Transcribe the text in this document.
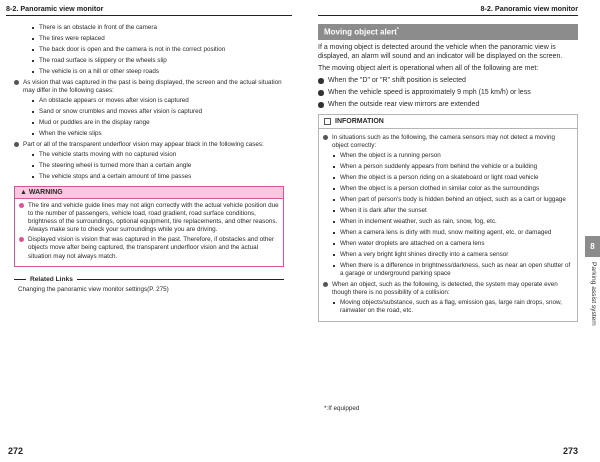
8-2. Panoramic view monitor
There is an obstacle in front of the camera
The tires were replaced
The back door is open and the camera is not in the correct position
The road surface is slippery or the wheels slip
The vehicle is on a hill or other steep roads
As vision that was captured in the past is being displayed, the screen and the actual situation may differ in the following cases:
An obstacle appears or moves after vision is captured
Sand or snow crumbles and moves after vision is captured
Mud or puddles are in the display range
When the vehicle slips
Part or all of the transparent underfloor vision may appear black in the following cases:
The vehicle starts moving with no captured vision
The steering wheel is turned more than a certain angle
The vehicle stops and a certain amount of time passes
▲ WARNING
The tire and vehicle guide lines may not align correctly with the actual vehicle position due to the number of passengers, vehicle load, road gradient, road surface conditions, brightness of the surroundings, optional equipment, tire replacements, and other reasons. Always make sure to check your surroundings while you are driving.
Displayed vision is vision that was captured in the past. Therefore, if obstacles and other objects move after being captured, the transparent underfloor vision and the actual situation may not always match.
Related Links
Changing the panoramic view monitor settings(P. 275)
272
8-2. Panoramic view monitor
Moving object alert*
If a moving object is detected around the vehicle when the panoramic view is displayed, an alarm will sound and an indicator will be displayed on the screen.
The moving object alert is operational when all of the following are met:
When the "D" or "R" shift position is selected
When the vehicle speed is approximately 9 mph (15 km/h) or less
When the outside rear view mirrors are extended
INFORMATION
In situations such as the following, the camera sensors may not detect a moving object correctly:
When the object is a running person
When a person suddenly appears from behind the vehicle or a building
When the object is a person riding on a skateboard or light road vehicle
When the object is a person clothed in similar color as the surroundings
When part of person's body is hidden behind an object, such as a cart or luggage
When it is dark after the sunset
When in inclement weather, such as rain, snow, fog, etc.
When a camera lens is dirty with mud, snow melting agent, etc. or damaged
When water droplets are attached on a camera lens
When a very bright light shines directly into a camera sensor
When there is a difference in brightness/darkness, such as near an open shutter of a garage or underground parking space
When an object, such as the following, is detected, the system may operate even though there is no possibility of a collision:
Moving objects/substance, such as a flag, emission gas, large rain drops, snow, rainwater on the road, etc.
8
Parking assist system
*:If equipped
273
